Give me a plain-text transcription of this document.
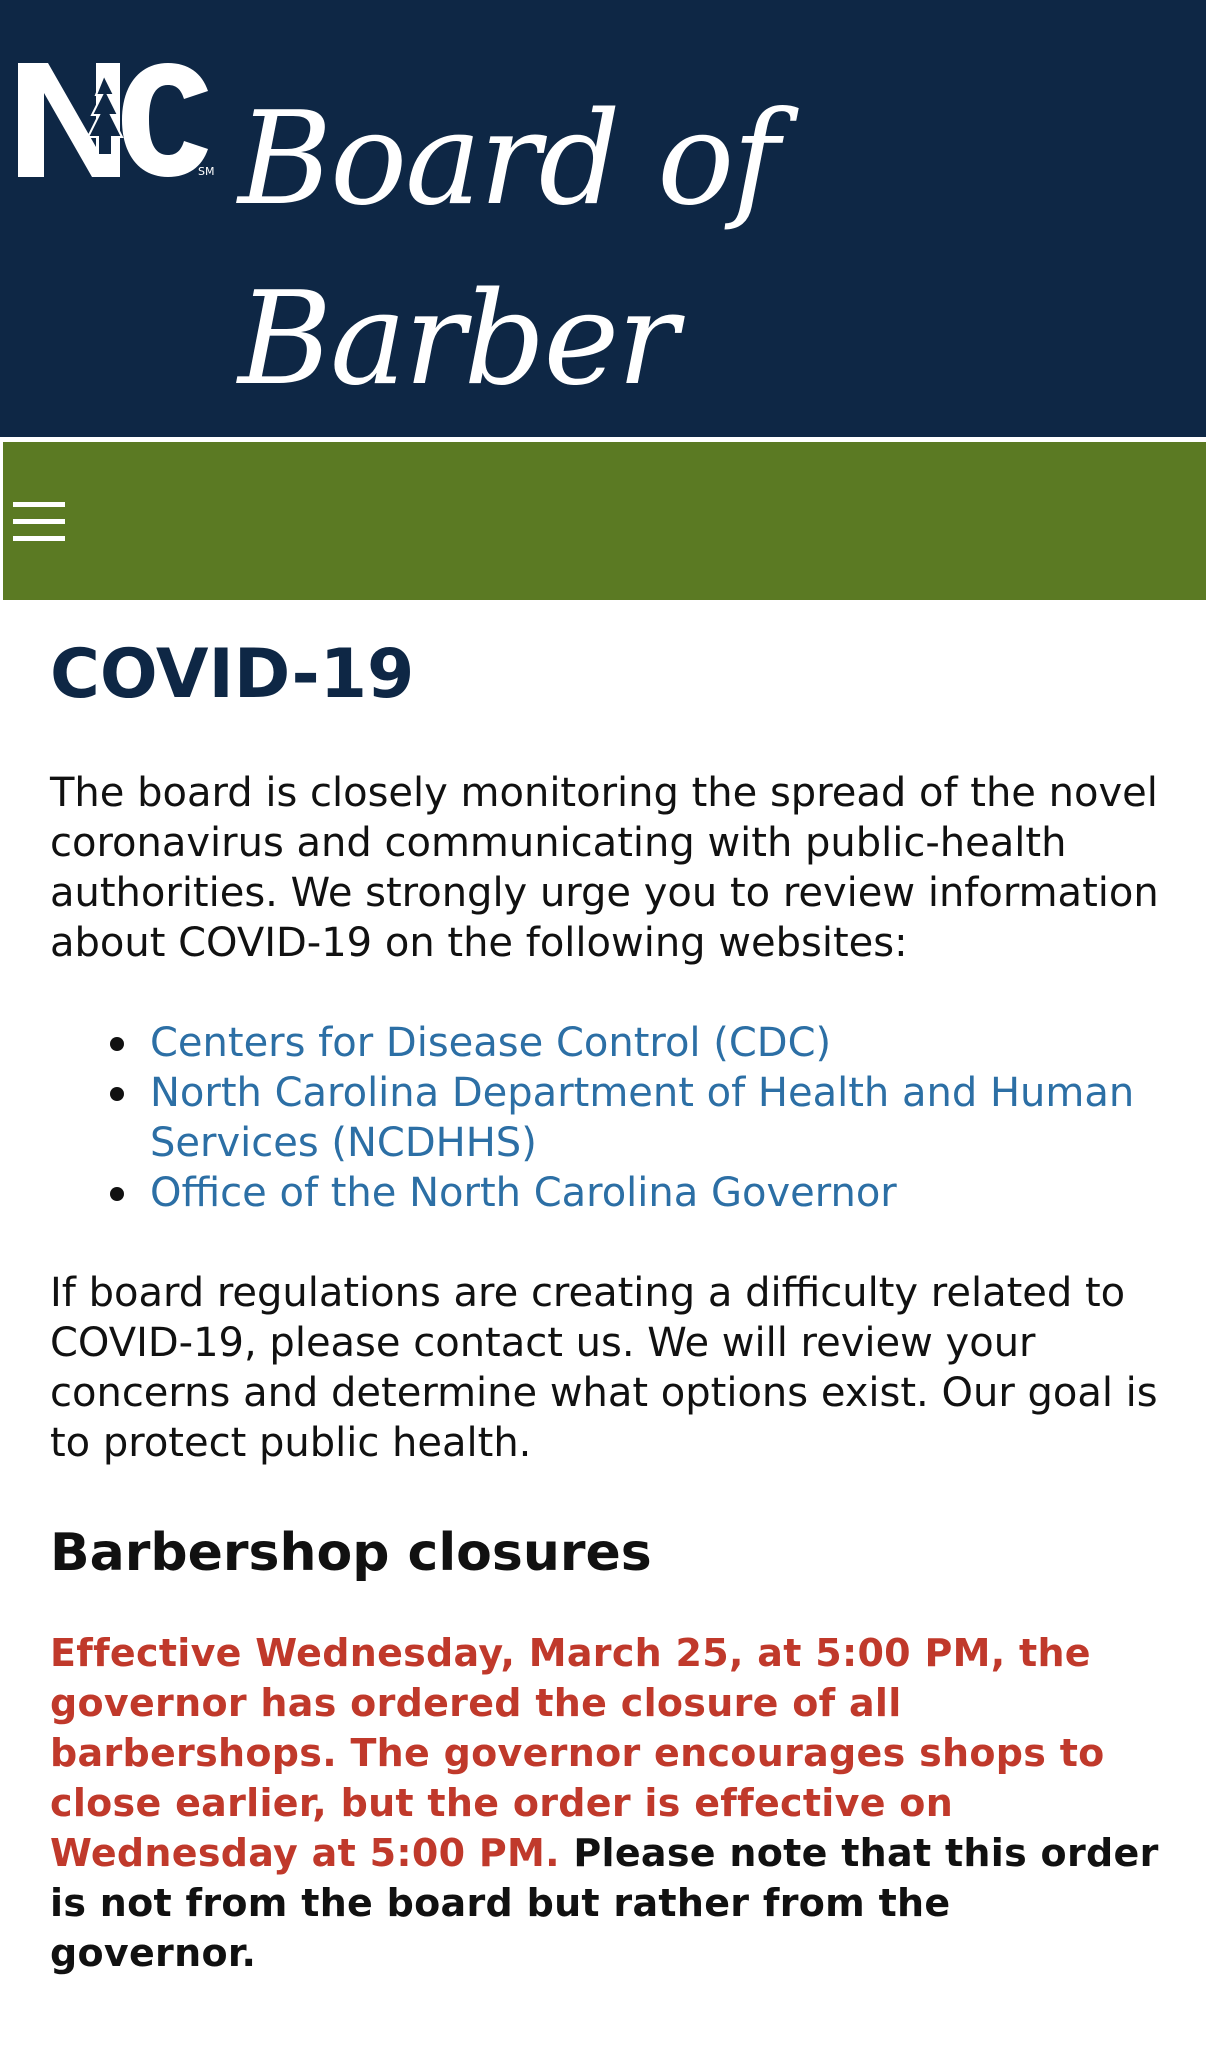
SM Board of Barber

COVID-19

The board is closely monitoring the spread of the novel coronavirus and communicating with public-health authorities. We strongly urge you to review information about COVID-19 on the following websites:

Centers for Disease Control (CDC)
North Carolina Department of Health and Human Services (NCDHHS)
Office of the North Carolina Governor

If board regulations are creating a difficulty related to COVID-19, please contact us. We will review your concerns and determine what options exist. Our goal is to protect public health.

Barbershop closures

Effective Wednesday, March 25, at 5:00 PM, the governor has ordered the closure of all barbershops. The governor encourages shops to close earlier, but the order is effective on Wednesday at 5:00 PM. Please note that this order is not from the board but rather from the governor.
